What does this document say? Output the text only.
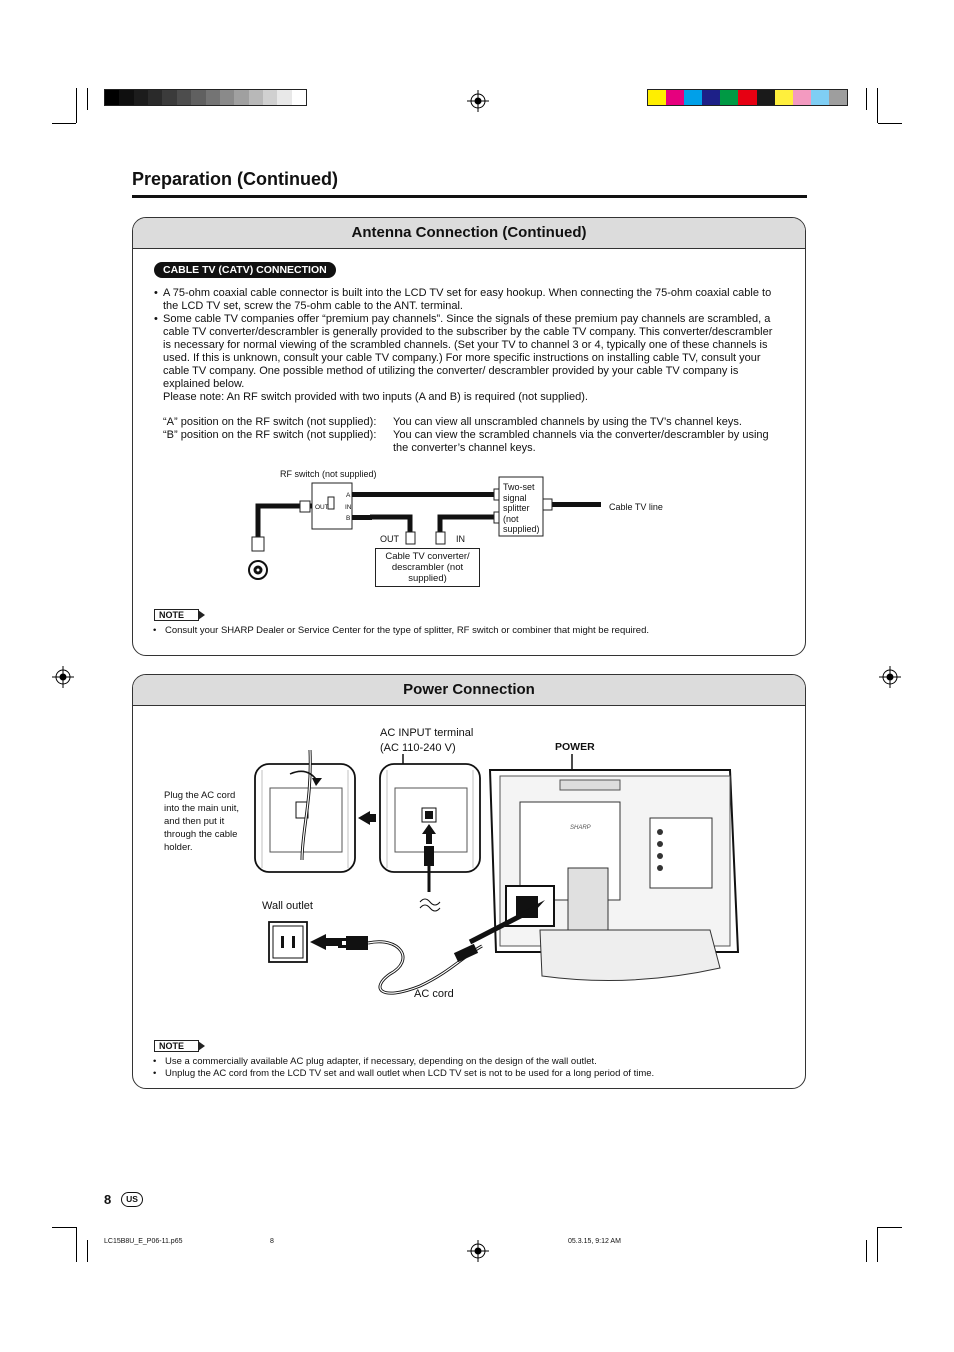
Preparation (Continued)
Antenna Connection (Continued)
CABLE TV (CATV) CONNECTION
• A 75-ohm coaxial cable connector is built into the LCD TV set for easy hookup. When connecting the 75-ohm coaxial cable to the LCD TV set, screw the 75-ohm cable to the ANT. terminal.
• Some cable TV companies offer “premium pay channels”. Since the signals of these premium pay channels are scrambled, a cable TV converter/descrambler is generally provided to the subscriber by the cable TV company. This converter/descrambler is necessary for normal viewing of the scrambled channels. (Set your TV to channel 3 or 4, typically one of these channels is used. If this is unknown, consult your cable TV company.) For more specific instructions on installing cable TV, consult your cable TV company. One possible method of utilizing the converter/ descrambler provided by your cable TV company is explained below.
Please note: An RF switch provided with two inputs (A and B) is required (not supplied).
“A” position on the RF switch (not supplied):	You can view all unscrambled channels by using the TV’s channel keys.
“B” position on the RF switch (not supplied):	You can view the scrambled channels via the converter/descrambler by using the converter’s channel keys.
RF switch (not supplied)
OUT
A
IN
B
Two-set signal splitter (not supplied)
Cable TV line
OUT	IN
Cable TV converter/ descrambler (not supplied)
NOTE
• Consult your SHARP Dealer or Service Center for the type of splitter, RF switch or combiner that might be required.
Power Connection
AC INPUT terminal
(AC 110-240 V)	POWER
Plug the AC cord into the main unit, and then put it through the cable holder.
Wall outlet
AC cord
SHARP
NOTE
• Use a commercially available AC plug adapter, if necessary, depending on the design of the wall outlet.
• Unplug the AC cord from the LCD TV set and wall outlet when LCD TV set is not to be used for a long period of time.
8	US
LC15B8U_E_P06-11.p65	8	05.3.15, 9:12 AM
